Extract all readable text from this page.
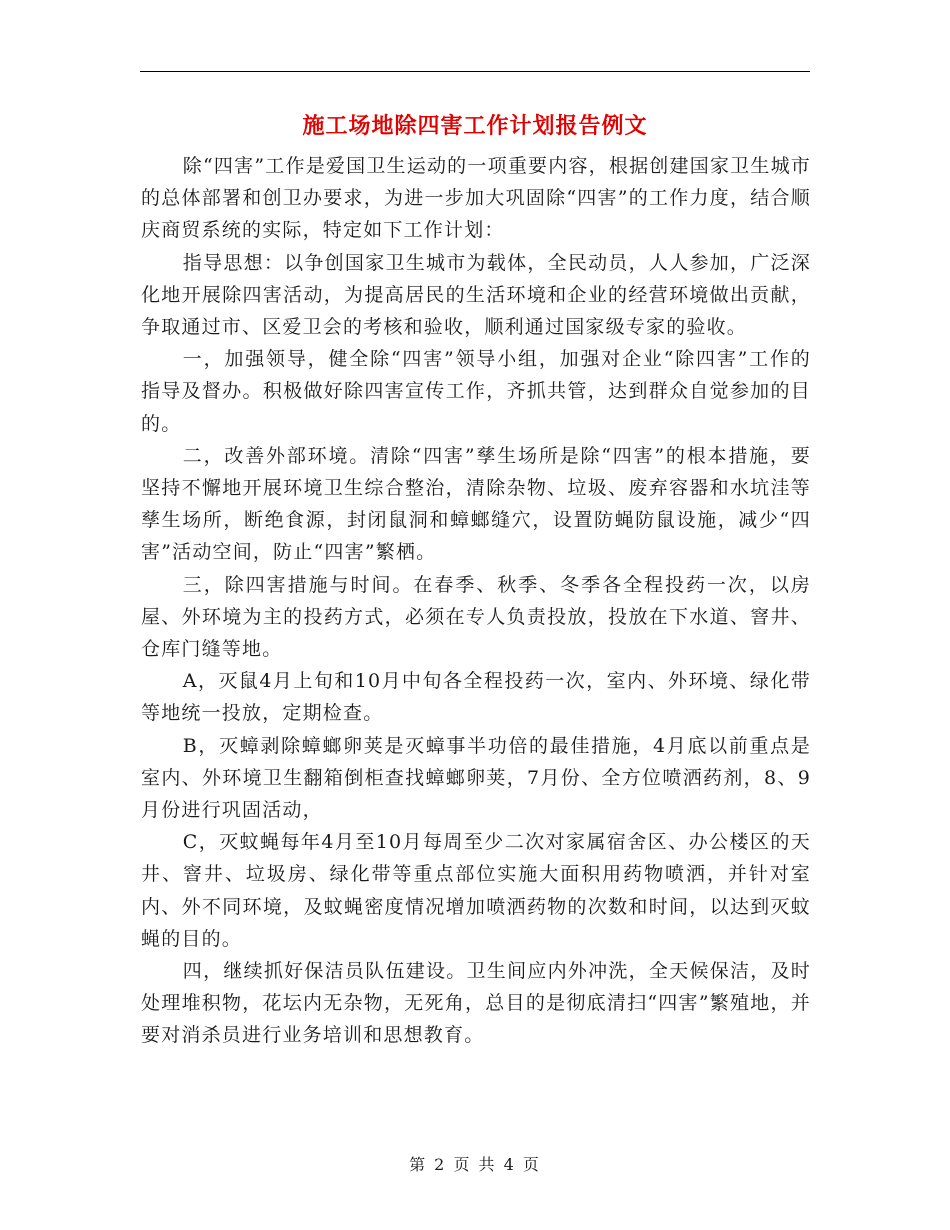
施工场地除四害工作计划报告例文

除“四害”工作是爱国卫生运动的一项重要内容，根据创建国家卫生城市的总体部署和创卫办要求，为进一步加大巩固除“四害”的工作力度，结合顺庆商贸系统的实际，特定如下工作计划：

指导思想：以争创国家卫生城市为载体，全民动员，人人参加，广泛深化地开展除四害活动，为提高居民的生活环境和企业的经营环境做出贡献，争取通过市、区爱卫会的考核和验收，顺利通过国家级专家的验收。

一，加强领导，健全除“四害”领导小组，加强对企业“除四害”工作的指导及督办。积极做好除四害宣传工作，齐抓共管，达到群众自觉参加的目的。

二，改善外部环境。清除“四害”孳生场所是除“四害”的根本措施，要坚持不懈地开展环境卫生综合整治，清除杂物、垃圾、废弃容器和水坑洼等孳生场所，断绝食源，封闭鼠洞和蟑螂缝穴，设置防蝇防鼠设施，减少“四害”活动空间，防止“四害”繁栖。

三，除四害措施与时间。在春季、秋季、冬季各全程投药一次，以房屋、外环境为主的投药方式，必须在专人负责投放，投放在下水道、窨井、仓库门缝等地。

A，灭鼠4月上旬和10月中旬各全程投药一次，室内、外环境、绿化带等地统一投放，定期检查。

B，灭蟑剥除蟑螂卵荚是灭蟑事半功倍的最佳措施，4月底以前重点是室内、外环境卫生翻箱倒柜查找蟑螂卵荚，7月份、全方位喷洒药剂，8、9月份进行巩固活动，

C，灭蚊蝇每年4月至10月每周至少二次对家属宿舍区、办公楼区的天井、窨井、垃圾房、绿化带等重点部位实施大面积用药物喷洒，并针对室内、外不同环境，及蚊蝇密度情况增加喷洒药物的次数和时间，以达到灭蚊蝇的目的。

四，继续抓好保洁员队伍建设。卫生间应内外冲洗，全天候保洁，及时处理堆积物，花坛内无杂物，无死角，总目的是彻底清扫“四害”繁殖地，并要对消杀员进行业务培训和思想教育。

第 2 页 共 4 页
